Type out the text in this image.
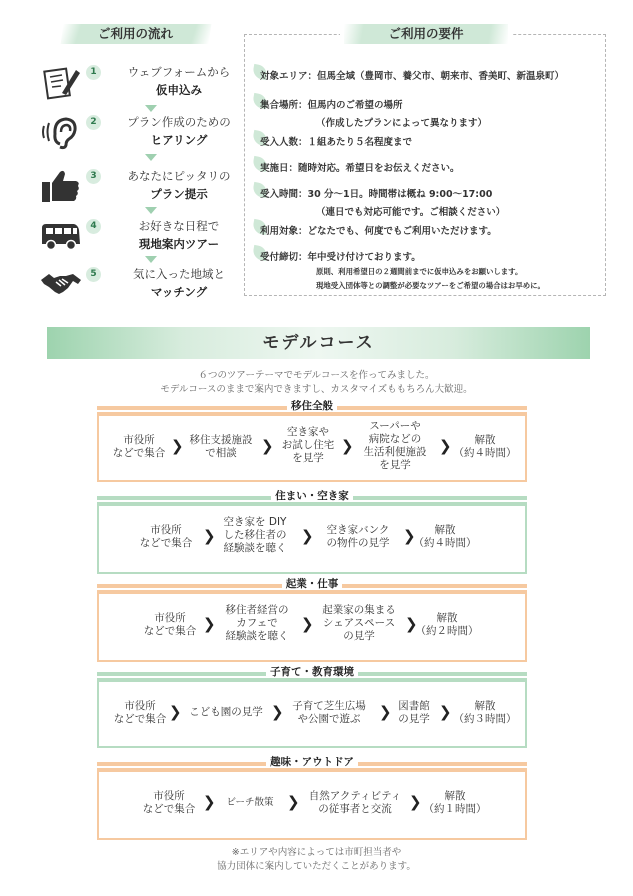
ご利用の流れ
1	ウェブフォームから
仮申込み
2	プラン作成のための
ヒアリング
3	あなたにピッタリの
プラン提示
4	お好きな日程で
現地案内ツアー
5	気に入った地域と
マッチング
ご利用の要件
対象エリア：但馬全域（豊岡市、養父市、朝来市、香美町、新温泉町）
集合場所：但馬内のご希望の場所
（作成したプランによって異なります）
受入人数：１組あたり５名程度まで
実施日：随時対応。希望日をお伝えください。
受入時間：30 分～1日。時間帯は概ね 9:00～17:00
（連日でも対応可能です。ご相談ください）
利用対象：どなたでも、何度でもご利用いただけます。
受付締切：年中受け付けております。
原則、利用希望日の２週間前までに仮申込みをお願いします。
現地受入団体等との調整が必要なツアーをご希望の場合はお早めに。
モデルコース
６つのツアーテーマでモデルコースを作ってみました。
モデルコースのままで案内できますし、カスタマイズももちろん大歓迎。
移住全般
市役所
などで集合 ❯ 移住支援施設
で相談	❯
空き家や
お試し住宅
を見学
❯
スーパーや
病院などの
生活利便施設
を見学
❯	解散
（約４時間）
住まい・空き家
市役所
などで集合 ❯
空き家を DIY
した移住者の
経験談を聴く
❯	空き家バンク
の物件の見学 ❯	解散
（約４時間）
起業・仕事
市役所
などで集合 ❯
移住者経営の
カフェで
経験談を聴く
❯
起業家の集まる
シェアスペース
の見学
❯	解散
（約２時間）
子育て・教育環境
市役所
などで集合 ❯ こども園の見学 ❯ 子育て芝生広場
や公園で遊ぶ	❯ 図書館
の見学 ❯	解散
（約３時間）
趣味・アウトドア
市役所
などで集合 ❯	ビーチ散策 ❯ 自然アクティビティ
の従事者と交流	❯	解散
（約１時間）
※エリアや内容によっては市町担当者や
協力団体に案内していただくことがあります。
